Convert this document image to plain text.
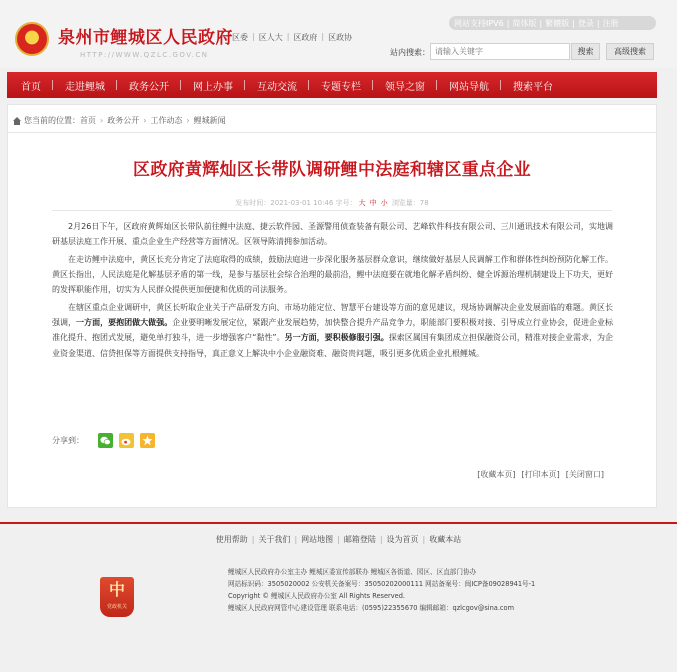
泉州市鲤城区人民政府
HTTP://WWW.QZLC.GOV.CN
区委 | 区人大 | 区政府 | 区政协
网站支持IPV6 | 简体版 | 繁體版 | 登录 | 注册
站内搜索：
请输入关键字	搜索	高级搜索
首页	走进鲤城	政务公开	网上办事	互动交流	专题专栏	领导之窗	网站导航	搜索平台
您当前的位置： 首页 › 政务公开 › 工作动态 › 鲤城新闻
区政府黄辉灿区长带队调研鲤中法庭和辖区重点企业
发布时间：2021-03-01 10:46 字号： 大 中 小 浏览量：78

2月26日下午，区政府黄辉灿区长带队前往鲤中法庭、捷云软件园、圣源警用侦查装备有限公司、艺峰软件科技有限公司、三川通讯技术有限公司，实地调研基层法庭工作开展、重点企业生产经营等方面情况。区领导陈清拥参加活动。

在走访鲤中法庭中，黄区长充分肯定了法庭取得的成绩，鼓励法庭进一步深化服务基层群众意识，继续做好基层人民调解工作和群体性纠纷预防化解工作。黄区长指出，人民法庭是化解基层矛盾的第一线，是参与基层社会综合治理的最前沿，鲤中法庭要在就地化解矛盾纠纷、健全诉源治理机制建设上下功夫，更好的发挥职能作用，切实为人民群众提供更加便捷和优质的司法服务。

在辖区重点企业调研中，黄区长听取企业关于产品研发方向、市场功能定位、智慧平台建设等方面的意见建议，现场协调解决企业发展面临的难题。黄区长强调，一方面，要抱团做大做强。企业要明晰发展定位，紧跟产业发展趋势，加快整合提升产品竞争力，职能部门要积极对接、引导成立行业协会，促进企业标准化提升、抱团式发展，避免单打独斗，进一步增强客户“黏性”。另一方面，要积极修服引强。探索区属国有集团成立担保融资公司，精准对接企业需求，为企业资金渠道、信贷担保等方面提供支持指导，真正意义上解决中小企业融资难、融资贵问题，吸引更多优质企业扎根鲤城。

分享到：
[收藏本页] [打印本页] [关闭窗口]
使用帮助 | 关于我们 | 网站地图 | 邮箱登陆 | 设为首页 | 收藏本站
中
党政机关
鲤城区人民政府办公室主办 鲤城区委宣传部联办 鲤城区各街道、园区、区直部门协办
网站标识码：3505020002 公安机关备案号：35050202000111 网站备案号：闽ICP备09028941号-1
Copyright © 鲤城区人民政府办公室 All Rights Reserved.
鲤城区人民政府网管中心建设管理 联系电话：(0595)22355670 编辑邮箱：qzlcgov@sina.com
